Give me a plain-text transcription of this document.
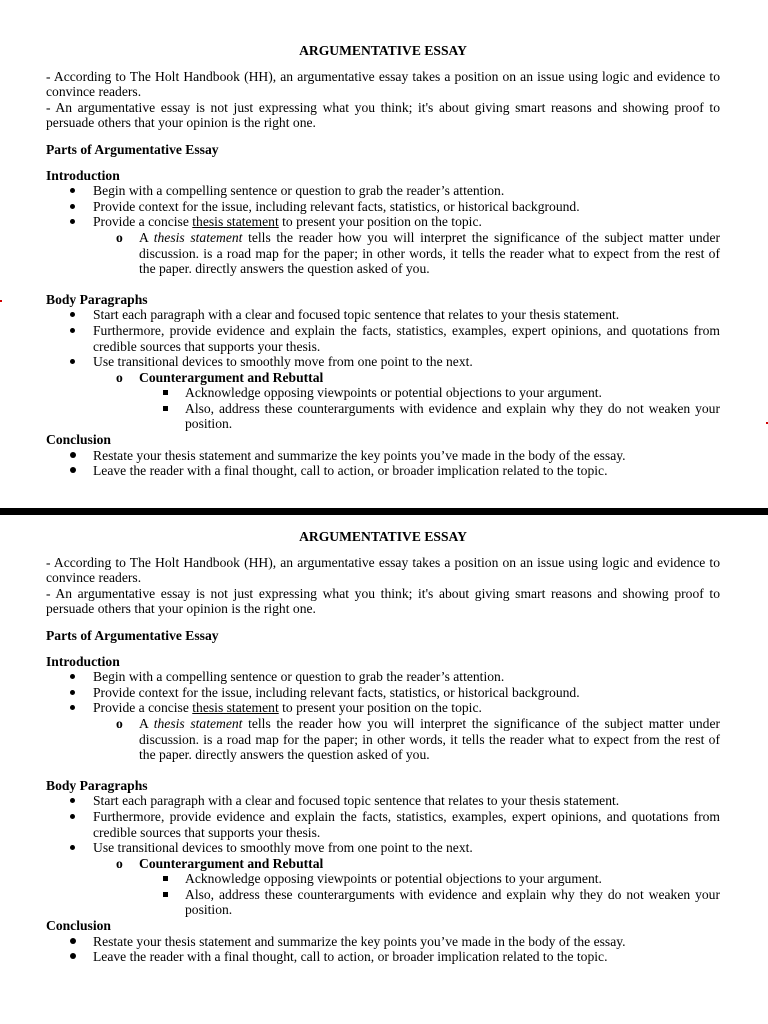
ARGUMENTATIVE ESSAY

- According to The Holt Handbook (HH), an argumentative essay takes a position on an issue using logic and evidence to convince readers.

- An argumentative essay is not just expressing what you think; it's about giving smart reasons and showing proof to persuade others that your opinion is the right one.

Parts of Argumentative Essay

Introduction

Begin with a compelling sentence or question to grab the reader’s attention.
Provide context for the issue, including relevant facts, statistics, or historical background.
Provide a concise thesis statement to present your position on the topic.
o A thesis statement tells the reader how you will interpret the significance of the subject matter under discussion. is a road map for the paper; in other words, it tells the reader what to expect from the rest of the paper. directly answers the question asked of you.

Body Paragraphs

Start each paragraph with a clear and focused topic sentence that relates to your thesis statement.
Furthermore, provide evidence and explain the facts, statistics, examples, expert opinions, and quotations from credible sources that supports your thesis.
Use transitional devices to smoothly move from one point to the next.
o Counterargument and Rebuttal
Acknowledge opposing viewpoints or potential objections to your argument.
Also, address these counterarguments with evidence and explain why they do not weaken your position.

Conclusion

Restate your thesis statement and summarize the key points you’ve made in the body of the essay.
Leave the reader with a final thought, call to action, or broader implication related to the topic.

ARGUMENTATIVE ESSAY

- According to The Holt Handbook (HH), an argumentative essay takes a position on an issue using logic and evidence to convince readers.

- An argumentative essay is not just expressing what you think; it's about giving smart reasons and showing proof to persuade others that your opinion is the right one.

Parts of Argumentative Essay

Introduction

Begin with a compelling sentence or question to grab the reader’s attention.
Provide context for the issue, including relevant facts, statistics, or historical background.
Provide a concise thesis statement to present your position on the topic.
o A thesis statement tells the reader how you will interpret the significance of the subject matter under discussion. is a road map for the paper; in other words, it tells the reader what to expect from the rest of the paper. directly answers the question asked of you.

Body Paragraphs

Start each paragraph with a clear and focused topic sentence that relates to your thesis statement.
Furthermore, provide evidence and explain the facts, statistics, examples, expert opinions, and quotations from credible sources that supports your thesis.
Use transitional devices to smoothly move from one point to the next.
o Counterargument and Rebuttal
Acknowledge opposing viewpoints or potential objections to your argument.
Also, address these counterarguments with evidence and explain why they do not weaken your position.

Conclusion

Restate your thesis statement and summarize the key points you’ve made in the body of the essay.
Leave the reader with a final thought, call to action, or broader implication related to the topic.
